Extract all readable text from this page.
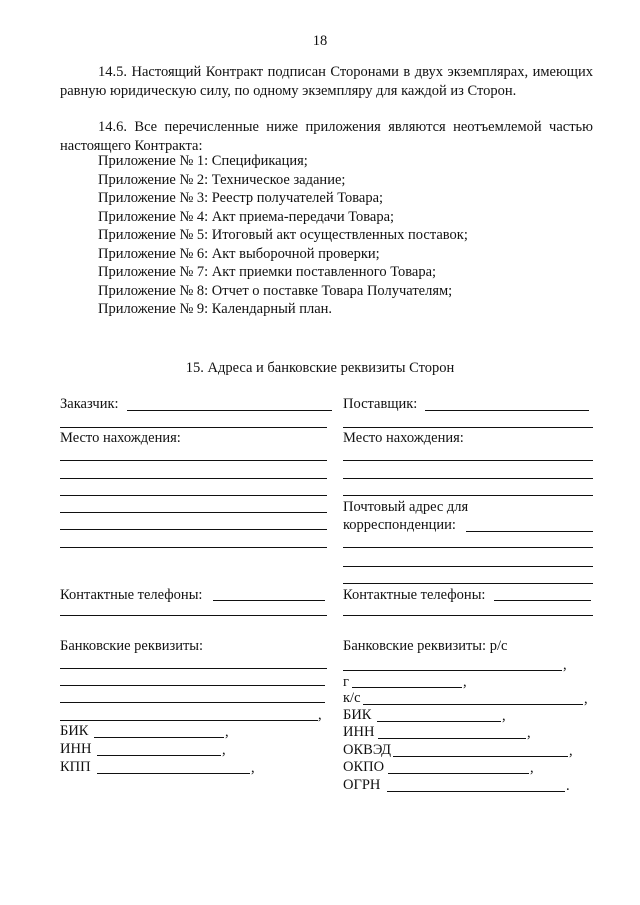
18
14.5. Настоящий Контракт подписан Сторонами в двух экземплярах, имеющих равную юридическую силу, по одному экземпляру для каждой из Сторон.
14.6. Все перечисленные ниже приложения являются неотъемлемой частью настоящего Контракта:
Приложение № 1: Спецификация;
Приложение № 2: Техническое задание;
Приложение № 3: Реестр получателей Товара;
Приложение № 4: Акт приема-передачи Товара;
Приложение № 5: Итоговый акт осуществленных поставок;
Приложение № 6: Акт выборочной проверки;
Приложение № 7: Акт приемки поставленного Товара;
Приложение № 8: Отчет о поставке Товара Получателям;
Приложение № 9: Календарный план.
15. Адреса и банковские реквизиты Сторон
Заказчик:
Место нахождения:
Контактные телефоны:
Банковские реквизиты:
,
БИК	,
ИНН	,
КПП	,
Поставщик:
Место нахождения:
Почтовый адрес для
корреспонденции:
Контактные телефоны:
Банковские реквизиты: р/с
,
г	,
к/с	,
БИК	,
ИНН	,
ОКВЭД	,
ОКПО	,
ОГРН	.
